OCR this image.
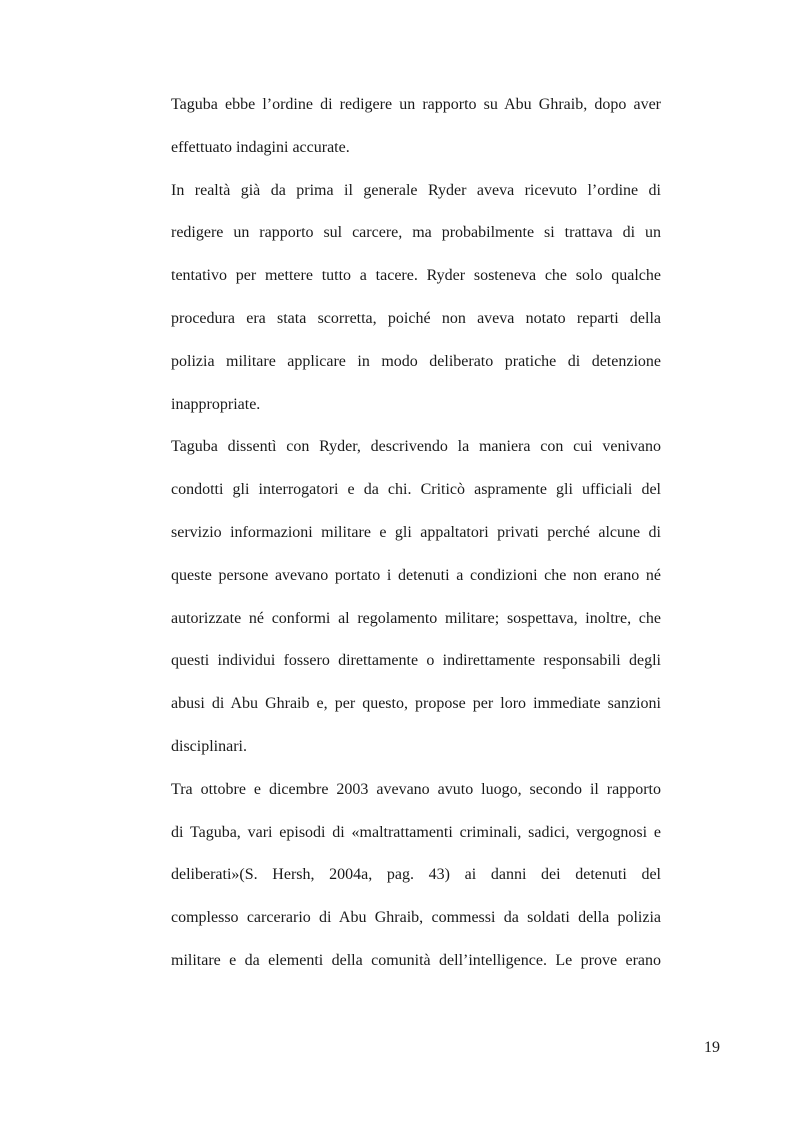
Taguba ebbe l’ordine di redigere un rapporto su Abu Ghraib, dopo aver
effettuato indagini accurate.
In realtà già da prima il generale Ryder aveva ricevuto l’ordine di
redigere un rapporto sul carcere, ma probabilmente si trattava di un
tentativo per mettere tutto a tacere. Ryder sosteneva che solo qualche
procedura era stata scorretta, poiché non aveva notato reparti della
polizia militare applicare in modo deliberato pratiche di detenzione
inappropriate.
Taguba dissentì con Ryder, descrivendo la maniera con cui venivano
condotti gli interrogatori e da chi. Criticò aspramente gli ufficiali del
servizio informazioni militare e gli appaltatori privati perché alcune di
queste persone avevano portato i detenuti a condizioni che non erano né
autorizzate né conformi al regolamento militare; sospettava, inoltre, che
questi individui fossero direttamente o indirettamente responsabili degli
abusi di Abu Ghraib e, per questo, propose per loro immediate sanzioni
disciplinari.
Tra ottobre e dicembre 2003 avevano avuto luogo, secondo il rapporto
di Taguba, vari episodi di «maltrattamenti criminali, sadici, vergognosi e
deliberati»(S. Hersh, 2004a, pag. 43) ai danni dei detenuti del
complesso carcerario di Abu Ghraib, commessi da soldati della polizia
militare e da elementi della comunità dell’intelligence. Le prove erano
19
